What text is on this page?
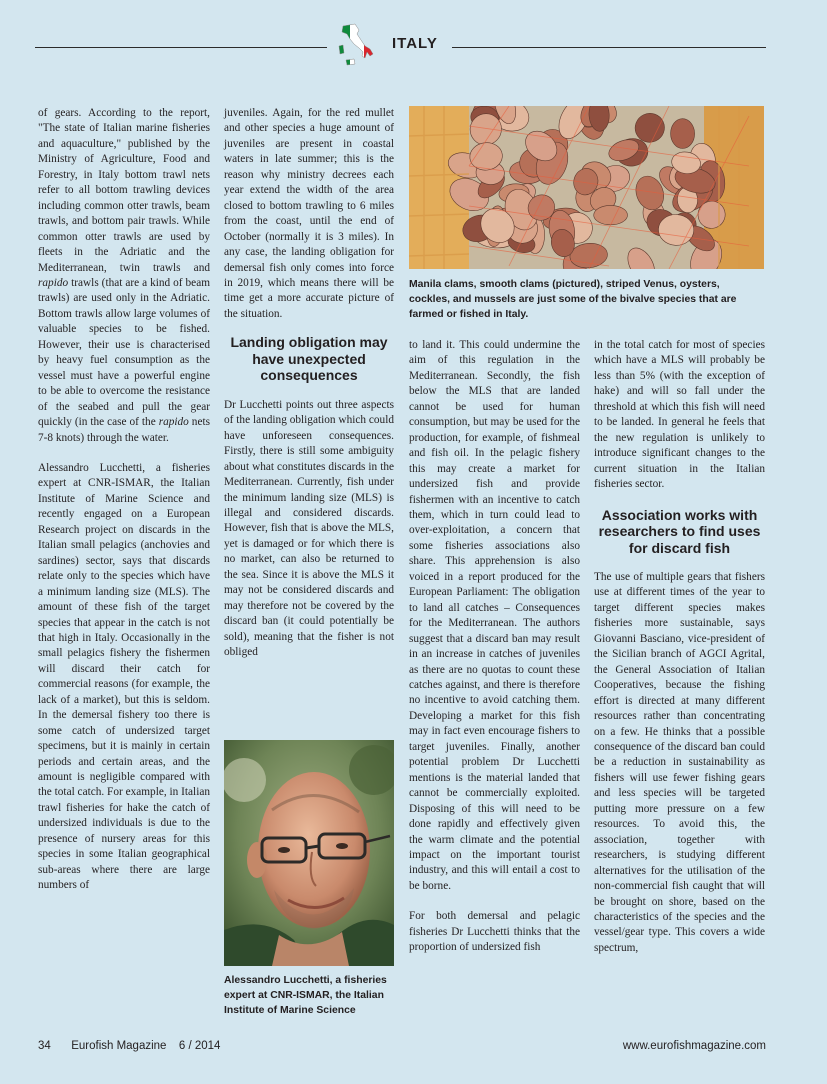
ITALY

of gears. According to the report, "The state of Italian marine fisheries and aquaculture," published by the Ministry of Agriculture, Food and Forestry, in Italy bottom trawl nets refer to all bottom trawling devices including common otter trawls, beam trawls, and bottom pair trawls. While common otter trawls are used by fleets in the Adriatic and the Mediterranean, twin trawls and rapido trawls (that are a kind of beam trawls) are used only in the Adriatic. Bottom trawls allow large volumes of valuable species to be fished. However, their use is characterised by heavy fuel consumption as the vessel must have a powerful engine to be able to overcome the resistance of the seabed and pull the gear quickly (in the case of the rapido nets 7-8 knots) through the water.

Alessandro Lucchetti, a fisheries expert at CNR-ISMAR, the Italian Institute of Marine Science and recently engaged on a European Research project on discards in the Italian small pelagics (anchovies and sardines) sector, says that discards relate only to the species which have a minimum landing size (MLS). The amount of these fish of the target species that appear in the catch is not that high in Italy. Occasionally in the small pelagics fishery the fishermen will discard their catch for commercial reasons (for example, the lack of a market), but this is seldom. In the demersal fishery too there is some catch of undersized target specimens, but it is mainly in certain periods and certain areas, and the amount is negligible compared with the total catch. For example, in Italian trawl fisheries for hake the catch of undersized individuals is due to the presence of nursery areas for this species in some Italian geographical sub-areas where there are large numbers of

juveniles. Again, for the red mullet and other species a huge amount of juveniles are present in coastal waters in late summer; this is the reason why ministry decrees each year extend the width of the area closed to bottom trawling to 6 miles from the coast, until the end of October (normally it is 3 miles). In any case, the landing obligation for demersal fish only comes into force in 2019, which means there will be time get a more accurate picture of the situation.

Landing obligation may have unexpected consequences

Dr Lucchetti points out three aspects of the landing obligation which could have unforeseen consequences. Firstly, there is still some ambiguity about what constitutes discards in the Mediterranean. Currently, fish under the minimum landing size (MLS) is illegal and considered discards. However, fish that is above the MLS, yet is damaged or for which there is no market, can also be returned to the sea. Since it is above the MLS it may not be considered discards and may therefore not be covered by the discard ban (it could potentially be sold), meaning that the fisher is not obliged

Alessandro Lucchetti, a fisheries expert at CNR-ISMAR, the Italian Institute of Marine Science
Manila clams, smooth clams (pictured), striped Venus, oysters, cockles, and mussels are just some of the bivalve species that are farmed or fished in Italy.

to land it. This could undermine the aim of this regulation in the Mediterranean. Secondly, the fish below the MLS that are landed cannot be used for human consumption, but may be used for the production, for example, of fishmeal and fish oil. In the pelagic fishery this may create a market for undersized fish and provide fishermen with an incentive to catch them, which in turn could lead to over-exploitation, a concern that some fisheries associations also share. This apprehension is also voiced in a report produced for the European Parliament: The obligation to land all catches – Consequences for the Mediterranean. The authors suggest that a discard ban may result in an increase in catches of juveniles as there are no quotas to count these catches against, and there is therefore no incentive to avoid catching them. Developing a market for this fish may in fact even encourage fishers to target juveniles. Finally, another potential problem Dr Lucchetti mentions is the material landed that cannot be commercially exploited. Disposing of this will need to be done rapidly and effectively given the warm climate and the potential impact on the important tourist industry, and this will entail a cost to be borne.

For both demersal and pelagic fisheries Dr Lucchetti thinks that the proportion of undersized fish

in the total catch for most of species which have a MLS will probably be less than 5% (with the exception of hake) and will so fall under the threshold at which this fish will need to be landed. In general he feels that the new regulation is unlikely to introduce significant changes to the current situation in the Italian fisheries sector.

Association works with researchers to find uses for discard fish

The use of multiple gears that fishers use at different times of the year to target different species makes fisheries more sustainable, says Giovanni Basciano, vice-president of the Sicilian branch of AGCI Agrital, the General Association of Italian Cooperatives, because the fishing effort is directed at many different resources rather than concentrating on a few. He thinks that a possible consequence of the discard ban could be a reduction in sustainability as fishers will use fewer fishing gears and less species will be targeted putting more pressure on a few resources. To avoid this, the association, together with researchers, is studying different alternatives for the utilisation of the non-commercial fish caught that will be brought on shore, based on the characteristics of the species and the vessel/gear type. This covers a wide spectrum,

34 Eurofish Magazine 6 / 2014	www.eurofishmagazine.com
